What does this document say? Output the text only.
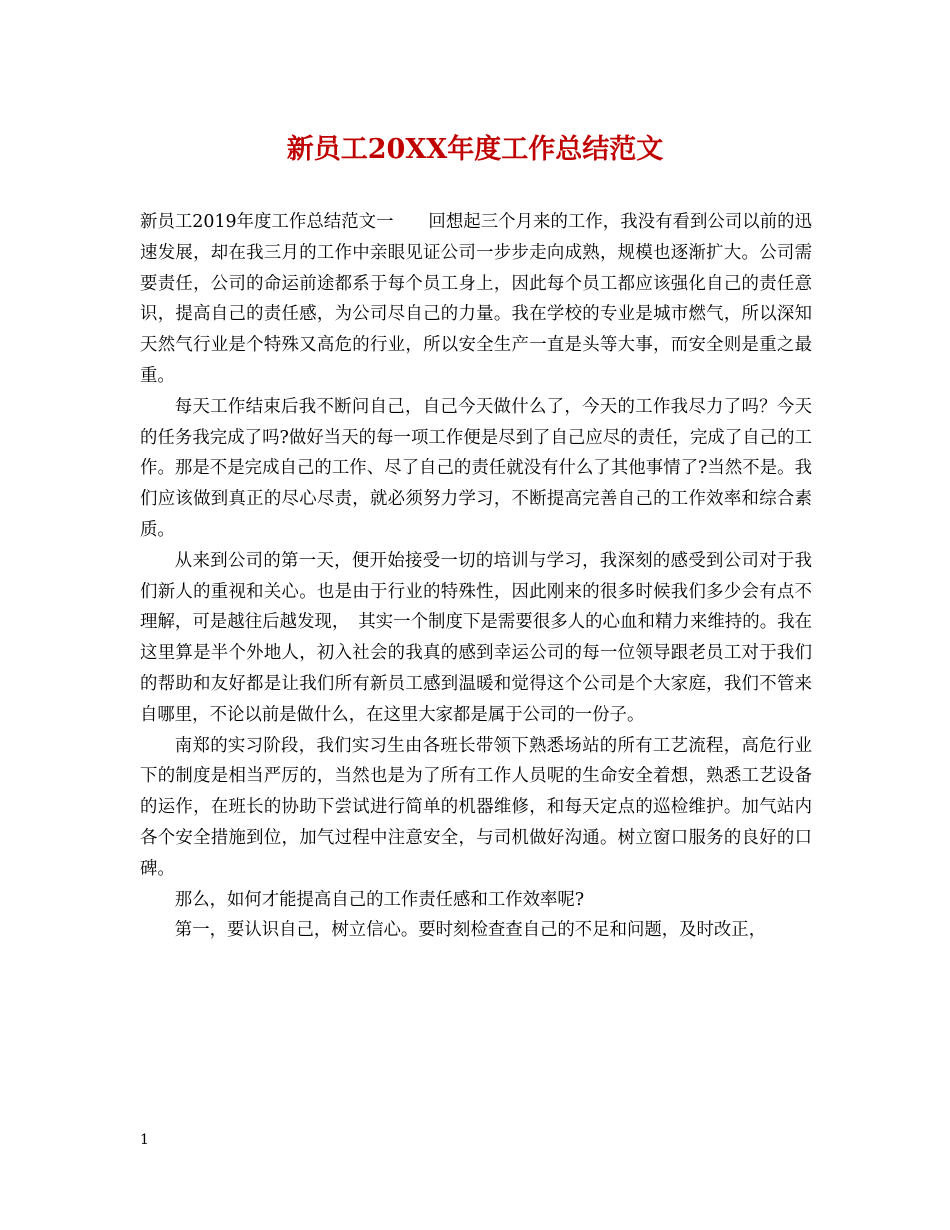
新员工20XX年度工作总结范文

新员工2019年度工作总结范文一　　回想起三个月来的工作，我没有看到公司以前的迅速发展，却在我三月的工作中亲眼见证公司一步步走向成熟，规模也逐渐扩大。公司需要责任，公司的命运前途都系于每个员工身上，因此每个员工都应该强化自己的责任意识，提高自己的责任感，为公司尽自己的力量。我在学校的专业是城市燃气，所以深知天然气行业是个特殊又高危的行业，所以安全生产一直是头等大事，而安全则是重之最重。

每天工作结束后我不断问自己，自己今天做什么了，今天的工作我尽力了吗？今天的任务我完成了吗?做好当天的每一项工作便是尽到了自己应尽的责任，完成了自己的工作。那是不是完成自己的工作、尽了自己的责任就没有什么了其他事情了?当然不是。我们应该做到真正的尽心尽责，就必须努力学习，不断提高完善自己的工作效率和综合素质。

从来到公司的第一天，便开始接受一切的培训与学习，我深刻的感受到公司对于我们新人的重视和关心。也是由于行业的特殊性，因此刚来的很多时候我们多少会有点不理解，可是越往后越发现，　其实一个制度下是需要很多人的心血和精力来维持的。我在这里算是半个外地人，初入社会的我真的感到幸运公司的每一位领导跟老员工对于我们的帮助和友好都是让我们所有新员工感到温暖和觉得这个公司是个大家庭，我们不管来自哪里，不论以前是做什么，在这里大家都是属于公司的一份子。

南郑的实习阶段，我们实习生由各班长带领下熟悉场站的所有工艺流程，高危行业下的制度是相当严厉的，当然也是为了所有工作人员呢的生命安全着想，熟悉工艺设备的运作，在班长的协助下尝试进行简单的机器维修，和每天定点的巡检维护。加气站内各个安全措施到位，加气过程中注意安全，与司机做好沟通。树立窗口服务的良好的口碑。

那么，如何才能提高自己的工作责任感和工作效率呢?

第一，要认识自己，树立信心。要时刻检查查自己的不足和问题，及时改正，

1
